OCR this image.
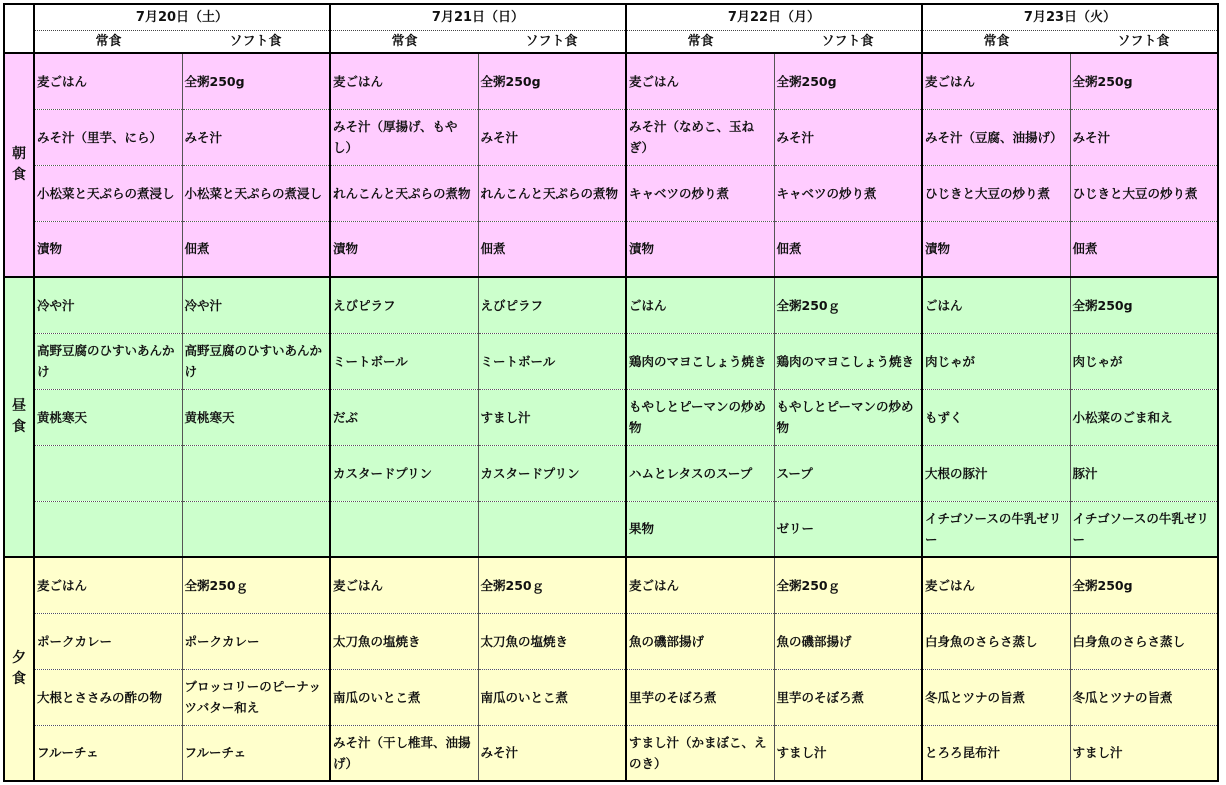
	7月20日（土）		7月21日（日）		7月22日（月）		7月23日（火）	
	常食	ソフト食	常食	ソフト食	常食	ソフト食	常食	ソフト食
朝
食	麦ごはん	全粥250g	麦ごはん	全粥250g	麦ごはん	全粥250g	麦ごはん	全粥250g
	みそ汁（里芋、にら）	みそ汁	みそ汁（厚揚げ、もやし）	みそ汁	みそ汁（なめこ、玉ねぎ）	みそ汁	みそ汁（豆腐、油揚げ）	みそ汁
	小松菜と天ぷらの煮浸し	小松菜と天ぷらの煮浸し	れんこんと天ぷらの煮物	れんこんと天ぷらの煮物	キャベツの炒り煮	キャベツの炒り煮	ひじきと大豆の炒り煮	ひじきと大豆の炒り煮
	漬物	佃煮	漬物	佃煮	漬物	佃煮	漬物	佃煮
昼
食	冷や汁	冷や汁	えびピラフ	えびピラフ	ごはん	全粥250ｇ	ごはん	全粥250g
	高野豆腐のひすいあんかけ	高野豆腐のひすいあんかけ	ミートボール	ミートボール	鶏肉のマヨこしょう焼き	鶏肉のマヨこしょう焼き	肉じゃが	肉じゃが
	黄桃寒天	黄桃寒天	だぶ	すまし汁	もやしとピーマンの炒め物	もやしとピーマンの炒め物	もずく	小松菜のごま和え
			カスタードプリン	カスタードプリン	ハムとレタスのスープ	スープ	大根の豚汁	豚汁
					果物	ゼリー	イチゴソースの牛乳ゼリー	イチゴソースの牛乳ゼリー
夕
食	麦ごはん	全粥250ｇ	麦ごはん	全粥250ｇ	麦ごはん	全粥250ｇ	麦ごはん	全粥250g
	ポークカレー	ポークカレー	太刀魚の塩焼き	太刀魚の塩焼き	魚の磯部揚げ	魚の磯部揚げ	白身魚のさらさ蒸し	白身魚のさらさ蒸し
	大根とささみの酢の物	ブロッコリーのピーナッツバター和え	南瓜のいとこ煮	南瓜のいとこ煮	里芋のそぼろ煮	里芋のそぼろ煮	冬瓜とツナの旨煮	冬瓜とツナの旨煮
	フルーチェ	フルーチェ	みそ汁（干し椎茸、油揚げ）	みそ汁	すまし汁（かまぼこ、えのき）	すまし汁	とろろ昆布汁	すまし汁
